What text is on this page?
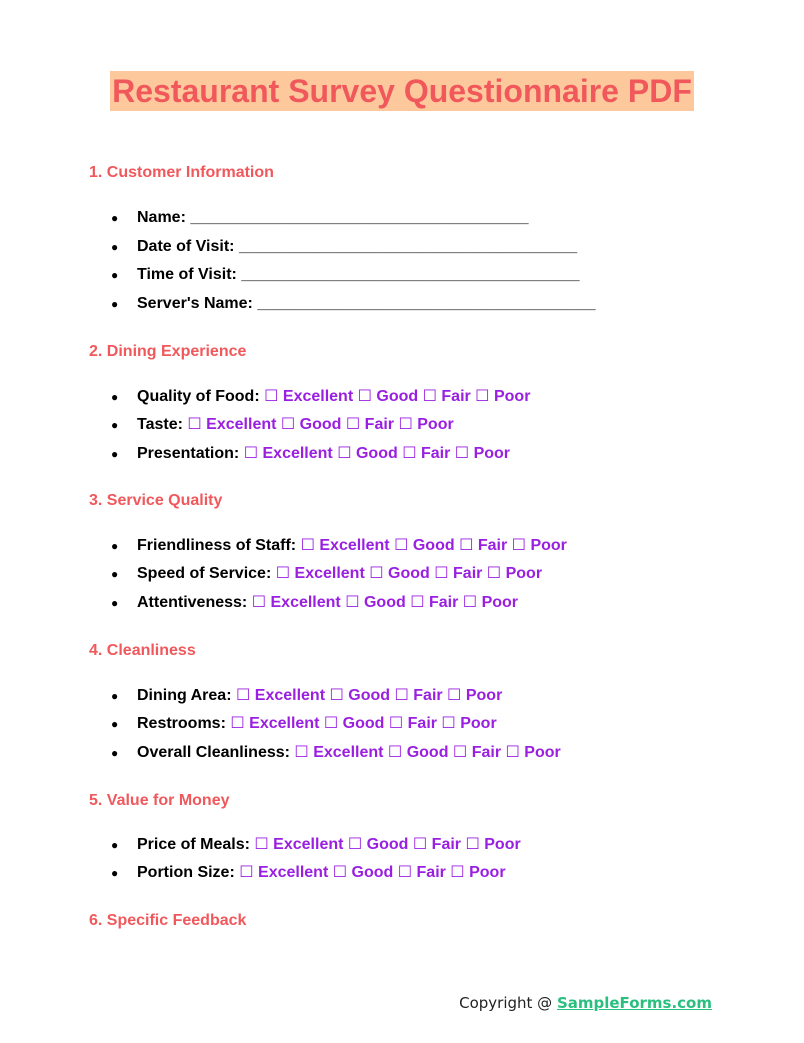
Restaurant Survey Questionnaire PDF
1. Customer Information
● Name: ______________________________________
● Date of Visit: ______________________________________
● Time of Visit: ______________________________________
● Server's Name: ______________________________________
2. Dining Experience
● Quality of Food: ☐ Excellent ☐ Good ☐ Fair ☐ Poor
● Taste: ☐ Excellent ☐ Good ☐ Fair ☐ Poor
● Presentation: ☐ Excellent ☐ Good ☐ Fair ☐ Poor
3. Service Quality
● Friendliness of Staff: ☐ Excellent ☐ Good ☐ Fair ☐ Poor
● Speed of Service: ☐ Excellent ☐ Good ☐ Fair ☐ Poor
● Attentiveness: ☐ Excellent ☐ Good ☐ Fair ☐ Poor
4. Cleanliness
● Dining Area: ☐ Excellent ☐ Good ☐ Fair ☐ Poor
● Restrooms: ☐ Excellent ☐ Good ☐ Fair ☐ Poor
● Overall Cleanliness: ☐ Excellent ☐ Good ☐ Fair ☐ Poor
5. Value for Money
● Price of Meals: ☐ Excellent ☐ Good ☐ Fair ☐ Poor
● Portion Size: ☐ Excellent ☐ Good ☐ Fair ☐ Poor
6. Specific Feedback
Copyright @ SampleForms.com
